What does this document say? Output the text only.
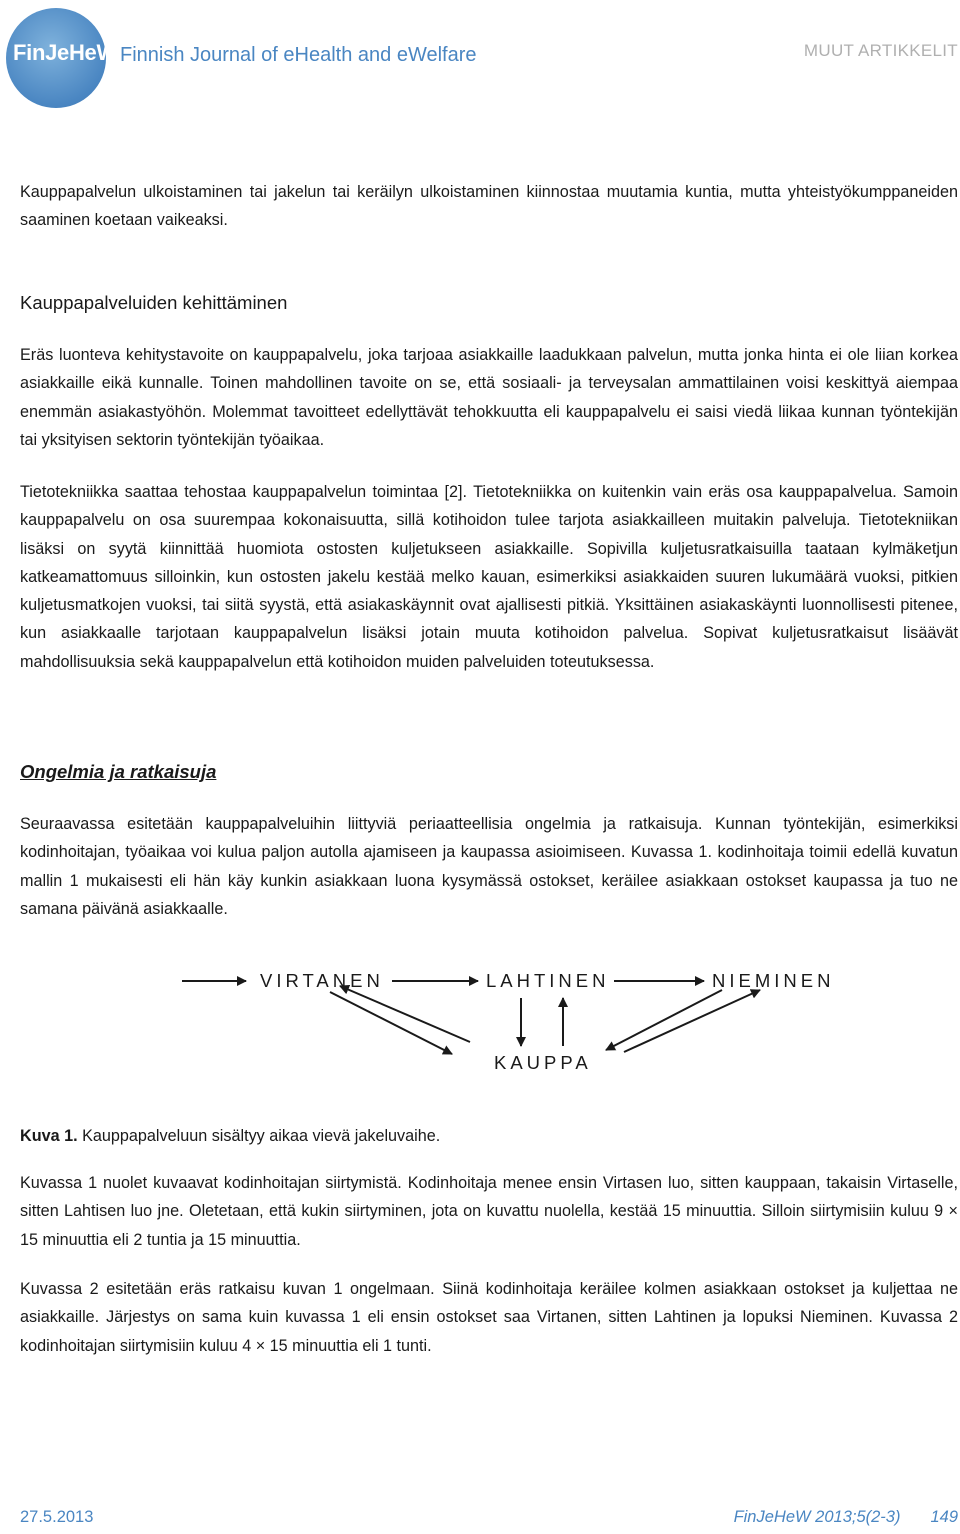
FinJeHeW Finnish Journal of eHealth and eWelfare	MUUT ARTIKKELIT

Kauppapalvelun ulkoistaminen tai jakelun tai keräilyn ulkoistaminen kiinnostaa muutamia kuntia, mutta yhteistyökumppaneiden saaminen koetaan vaikeaksi.

Kauppapalveluiden kehittäminen

Eräs luonteva kehitystavoite on kauppapalvelu, joka tarjoaa asiakkaille laadukkaan palvelun, mutta jonka hinta ei ole liian korkea asiakkaille eikä kunnalle. Toinen mahdollinen tavoite on se, että sosiaali- ja terveysalan ammattilainen voisi keskittyä aiempaa enemmän asiakastyöhön. Molemmat tavoitteet edellyttävät tehokkuutta eli kauppapalvelu ei saisi viedä liikaa kunnan työntekijän tai yksityisen sektorin työntekijän työaikaa.

Tietotekniikka saattaa tehostaa kauppapalvelun toimintaa [2]. Tietotekniikka on kuitenkin vain eräs osa kauppapalvelua. Samoin kauppapalvelu on osa suurempaa kokonaisuutta, sillä kotihoidon tulee tarjota asiakkailleen muitakin palveluja. Tietotekniikan lisäksi on syytä kiinnittää huomiota ostosten kuljetukseen asiakkaille. Sopivilla kuljetusratkaisuilla taataan kylmäketjun katkeamattomuus silloinkin, kun ostosten jakelu kestää melko kauan, esimerkiksi asiakkaiden suuren lukumäärä vuoksi, pitkien kuljetusmatkojen vuoksi, tai siitä syystä, että asiakaskäynnit ovat ajallisesti pitkiä. Yksittäinen asiakaskäynti luonnollisesti pitenee, kun asiakkaalle tarjotaan kauppapalvelun lisäksi jotain muuta kotihoidon palvelua. Sopivat kuljetusratkaisut lisäävät mahdollisuuksia sekä kauppapalvelun että kotihoidon muiden palveluiden toteutuksessa.

Ongelmia ja ratkaisuja

Seuraavassa esitetään kauppapalveluihin liittyviä periaatteellisia ongelmia ja ratkaisuja. Kunnan työntekijän, esimerkiksi kodinhoitajan, työaikaa voi kulua paljon autolla ajamiseen ja kaupassa asioimiseen. Kuvassa 1. kodinhoitaja toimii edellä kuvatun mallin 1 mukaisesti eli hän käy kunkin asiakkaan luona kysymässä ostokset, keräilee asiakkaan ostokset kaupassa ja tuo ne samana päivänä asiakkaalle.

VIRTANEN	LAHTINEN	NIEMINEN
KAUPPA
Kuva 1. Kauppapalveluun sisältyy aikaa vievä jakeluvaihe.

Kuvassa 1 nuolet kuvaavat kodinhoitajan siirtymistä. Kodinhoitaja menee ensin Virtasen luo, sitten kauppaan, takaisin Virtaselle, sitten Lahtisen luo jne. Oletetaan, että kukin siirtyminen, jota on kuvattu nuolella, kestää 15 minuuttia. Silloin siirtymisiin kuluu 9 × 15 minuuttia eli 2 tuntia ja 15 minuuttia.

Kuvassa 2 esitetään eräs ratkaisu kuvan 1 ongelmaan. Siinä kodinhoitaja keräilee kolmen asiakkaan ostokset ja kuljettaa ne asiakkaille. Järjestys on sama kuin kuvassa 1 eli ensin ostokset saa Virtanen, sitten Lahtinen ja lopuksi Nieminen. Kuvassa 2 kodinhoitajan siirtymisiin kuluu 4 × 15 minuuttia eli 1 tunti.

27.5.2013	FinJeHeW 2013;5(2-3) 149
